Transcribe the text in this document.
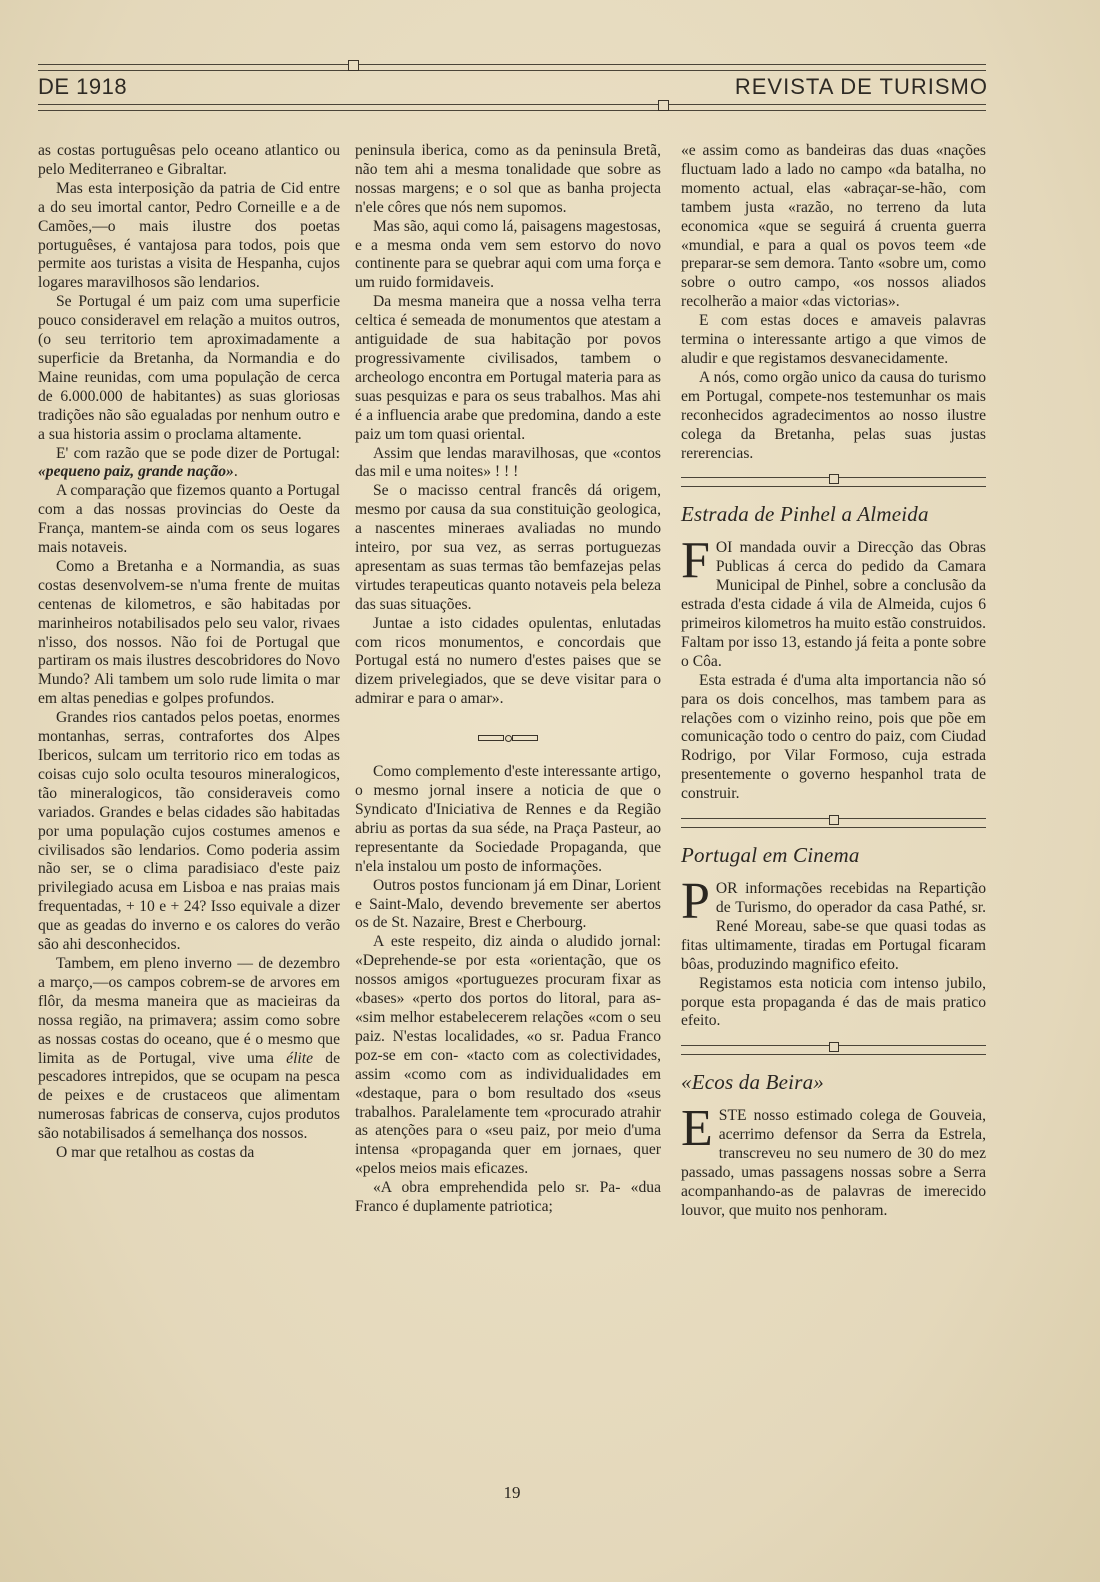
DE 1918	REVISTA DE TURISMO

as costas portuguêsas pelo oceano atlantico ou pelo Mediterraneo e Gibraltar.

Mas esta interposição da patria de Cid entre a do seu imortal cantor, Pedro Corneille e a de Camões,—o mais ilustre dos poetas portuguêses, é vantajosa para todos, pois que permite aos turistas a visita de Hespanha, cujos logares maravilhosos são lendarios.

Se Portugal é um paiz com uma superficie pouco consideravel em relação a muitos outros, (o seu territorio tem aproximadamente a superficie da Bretanha, da Normandia e do Maine reunidas, com uma população de cerca de 6.000.000 de habitantes) as suas gloriosas tradições não são egualadas por nenhum outro e a sua historia assim o proclama altamente.

E' com razão que se pode dizer de Portugal: «pequeno paiz, grande nação».

A comparação que fizemos quanto a Portugal com a das nossas provincias do Oeste da França, mantem-se ainda com os seus logares mais notaveis.

Como a Bretanha e a Normandia, as suas costas desenvolvem-se n'uma frente de muitas centenas de kilometros, e são habitadas por marinheiros notabilisados pelo seu valor, rivaes n'isso, dos nossos. Não foi de Portugal que partiram os mais ilustres descobridores do Novo Mundo? Ali tambem um solo rude limita o mar em altas penedias e golpes profundos.

Grandes rios cantados pelos poetas, enormes montanhas, serras, contrafortes dos Alpes Ibericos, sulcam um territorio rico em todas as coisas cujo solo oculta tesouros mineralogicos, tão mineralogicos, tão consideraveis como variados. Grandes e belas cidades são habitadas por uma população cujos costumes amenos e civilisados são lendarios. Como poderia assim não ser, se o clima paradisiaco d'este paiz privilegiado acusa em Lisboa e nas praias mais frequentadas, + 10 e + 24? Isso equivale a dizer que as geadas do inverno e os calores do verão são ahi desconhecidos.

Tambem, em pleno inverno — de dezembro a março,—os campos cobrem-se de arvores em flôr, da mesma maneira que as macieiras da nossa região, na primavera; assim como sobre as nossas costas do oceano, que é o mesmo que limita as de Portugal, vive uma élite de pescadores intrepidos, que se ocupam na pesca de peixes e de crustaceos que alimentam numerosas fabricas de conserva, cujos produtos são notabilisados á semelhança dos nossos.

O mar que retalhou as costas da

peninsula iberica, como as da peninsula Bretã, não tem ahi a mesma tonalidade que sobre as nossas margens; e o sol que as banha projecta n'ele côres que nós nem supomos.

Mas são, aqui como lá, paisagens magestosas, e a mesma onda vem sem estorvo do novo continente para se quebrar aqui com uma força e um ruido formidaveis.

Da mesma maneira que a nossa velha terra celtica é semeada de monumentos que atestam a antiguidade de sua habitação por povos progressivamente civilisados, tambem o archeologo encontra em Portugal materia para as suas pesquizas e para os seus trabalhos. Mas ahi é a influencia arabe que predomina, dando a este paiz um tom quasi oriental.

Assim que lendas maravilhosas, que «contos das mil e uma noites» ! ! !

Se o macisso central francês dá origem, mesmo por causa da sua constituição geologica, a nascentes mineraes avaliadas no mundo inteiro, por sua vez, as serras portuguezas apresentam as suas termas tão bemfazejas pelas virtudes terapeuticas quanto notaveis pela beleza das suas situações.

Juntae a isto cidades opulentas, enlutadas com ricos monumentos, e concordais que Portugal está no numero d'estes paises que se dizem privelegiados, que se deve visitar para o admirar e para o amar».

Como complemento d'este interessante artigo, o mesmo jornal insere a noticia de que o Syndicato d'Iniciativa de Rennes e da Região abriu as portas da sua séde, na Praça Pasteur, ao representante da Sociedade Propaganda, que n'ela instalou um posto de informações.

Outros postos funcionam já em Dinar, Lorient e Saint-Malo, devendo brevemente ser abertos os de St. Nazaire, Brest e Cherbourg.

A este respeito, diz ainda o aludido jornal: «Deprehende-se por esta «orientação, que os nossos amigos «portuguezes procuram fixar as «bases» «perto dos portos do litoral, para as- «sim melhor estabelecerem relações «com o seu paiz. N'estas localidades, «o sr. Padua Franco poz-se em con- «tacto com as colectividades, assim «como com as individualidades em «destaque, para o bom resultado dos «seus trabalhos. Paralelamente tem «procurado atrahir as atenções para o «seu paiz, por meio d'uma intensa «propaganda quer em jornaes, quer «pelos meios mais eficazes.

«A obra emprehendida pelo sr. Pa- «dua Franco é duplamente patriotica;

«e assim como as bandeiras das duas «nações fluctuam lado a lado no campo «da batalha, no momento actual, elas «abraçar-se-hão, com tambem justa «razão, no terreno da luta economica «que se seguirá á cruenta guerra «mundial, e para a qual os povos teem «de preparar-se sem demora. Tanto «sobre um, como sobre o outro campo, «os nossos aliados recolherão a maior «das victorias».

E com estas doces e amaveis palavras termina o interessante artigo a que vimos de aludir e que registamos desvanecidamente.

A nós, como orgão unico da causa do turismo em Portugal, compete-nos testemunhar os mais reconhecidos agradecimentos ao nosso ilustre colega da Bretanha, pelas suas justas rererencias.

Estrada de Pinhel a Almeida

FOI mandada ouvir a Direcção das Obras Publicas á cerca do pedido da Camara Municipal de Pinhel, sobre a conclusão da estrada d'esta cidade á vila de Almeida, cujos 6 primeiros kilometros ha muito estão construidos. Faltam por isso 13, estando já feita a ponte sobre o Côa.

Esta estrada é d'uma alta importancia não só para os dois concelhos, mas tambem para as relações com o vizinho reino, pois que põe em comunicação todo o centro do paiz, com Ciudad Rodrigo, por Vilar Formoso, cuja estrada presentemente o governo hespanhol trata de construir.

Portugal em Cinema

POR informações recebidas na Repartição de Turismo, do operador da casa Pathé, sr. René Moreau, sabe-se que quasi todas as fitas ultimamente, tiradas em Portugal ficaram bôas, produzindo magnifico efeito.

Registamos esta noticia com intenso jubilo, porque esta propaganda é das de mais pratico efeito.

«Ecos da Beira»

ESTE nosso estimado colega de Gouveia, acerrimo defensor da Serra da Estrela, transcreveu no seu numero de 30 do mez passado, umas passagens nossas sobre a Serra acompanhando-as de palavras de imerecido louvor, que muito nos penhoram.

19
